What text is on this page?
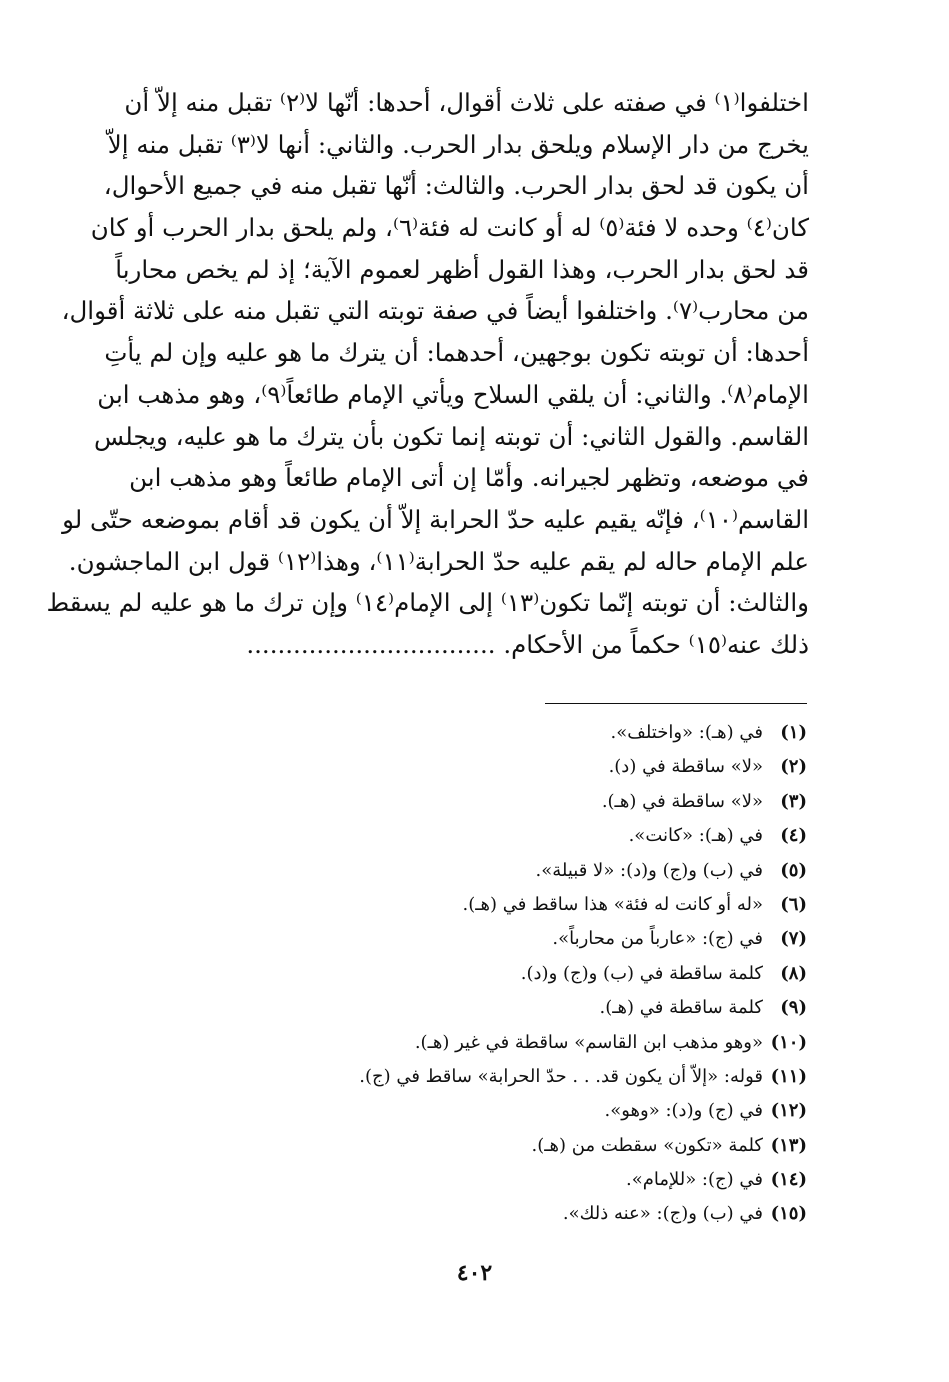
اختلفوا⁽١⁾ في صفته على ثلاث أقوال، أحدها: أنّها لا⁽٢⁾ تقبل منه إلاّ أن
يخرج من دار الإسلام ويلحق بدار الحرب. والثاني: أنها لا⁽٣⁾ تقبل منه إلاّ
أن يكون قد لحق بدار الحرب. والثالث: أنّها تقبل منه في جميع الأحوال،
كان⁽٤⁾ وحده لا فئة⁽٥⁾ له أو كانت له فئة⁽٦⁾، ولم يلحق بدار الحرب أو كان
قد لحق بدار الحرب، وهذا القول أظهر لعموم الآية؛ إذ لم يخص محارباً
من محارب⁽٧⁾. واختلفوا أيضاً في صفة توبته التي تقبل منه على ثلاثة أقوال،
أحدها: أن توبته تكون بوجهين، أحدهما: أن يترك ما هو عليه وإن لم يأتِ
الإمام⁽٨⁾. والثاني: أن يلقي السلاح ويأتي الإمام طائعاً⁽٩⁾، وهو مذهب ابن
القاسم. والقول الثاني: أن توبته إنما تكون بأن يترك ما هو عليه، ويجلس
في موضعه، وتظهر لجيرانه. وأمّا إن أتى الإمام طائعاً وهو مذهب ابن
القاسم⁽١٠⁾، فإنّه يقيم عليه حدّ الحرابة إلاّ أن يكون قد أقام بموضعه حتّى لو
علم الإمام حاله لم يقم عليه حدّ الحرابة⁽١١⁾، وهذا⁽١٢⁾ قول ابن الماجشون.
والثالث: أن توبته إنّما تكون⁽١٣⁾ إلى الإمام⁽١٤⁾ وإن ترك ما هو عليه لم يسقط
ذلك عنه⁽١٥⁾ حكماً من الأحكام. ................................
(١)في (هـ): «واختلف».
(٢)«لا» ساقطة في (د).
(٣)«لا» ساقطة في (هـ).
(٤)في (هـ): «كانت».
(٥)في (ب) و(ج) و(د): «لا قبيلة».
(٦)«له أو كانت له فئة» هذا ساقط في (هـ).
(٧)في (ج): «عارباً من محارباً».
(٨)كلمة ساقطة في (ب) و(ج) و(د).
(٩)كلمة ساقطة في (هـ).
(١٠)«وهو مذهب ابن القاسم» ساقطة في غير (هـ).
(١١)قوله: «إلاّ أن يكون قد. . . حدّ الحرابة» ساقط في (ج).
(١٢)في (ج) و(د): «وهو».
(١٣)كلمة «تكون» سقطت من (هـ).
(١٤)في (ج): «للإمام».
(١٥)في (ب) و(ج): «عنه ذلك».
٤٠٢
